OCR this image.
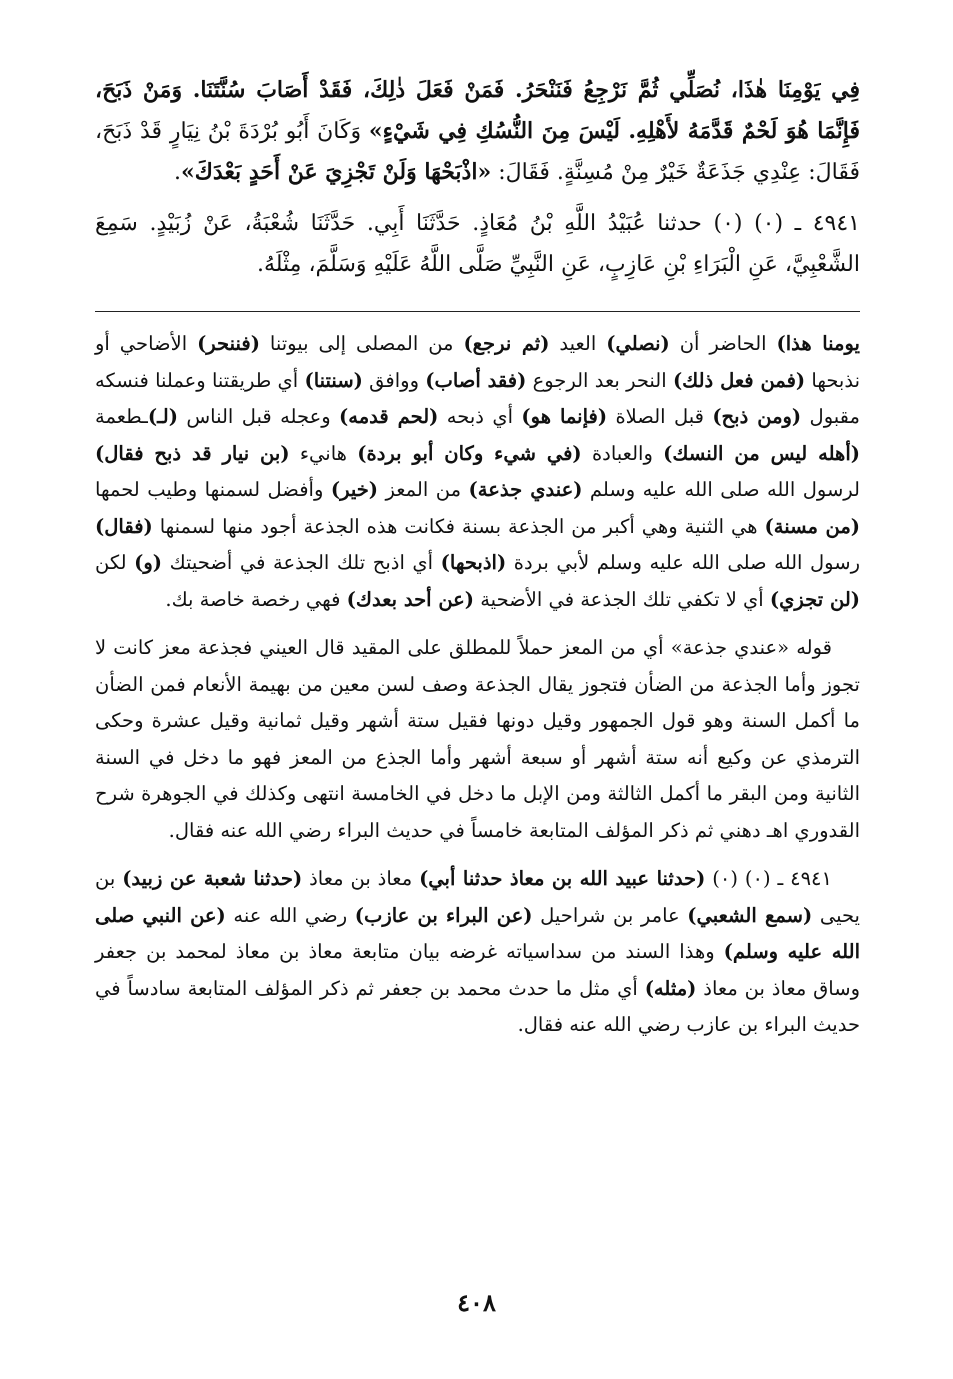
فِي يَوْمِنَا هٰذَا، نُصَلِّي ثُمَّ نَرْجِعُ فَنَنْحَرُ. فَمَنْ فَعَلَ ذٰلِكَ، فَقَدْ أَصَابَ سُنَّتَنَا. وَمَنْ ذَبَحَ، فَإِنَّمَا هُوَ لَحْمٌ قَدَّمَهُ لأَهْلِهِ. لَيْسَ مِنَ النُّسُكِ فِي شَيْءٍ» وَكَانَ أَبُو بُرْدَةَ بْنُ نِيَارٍ قَدْ ذَبَحَ، فَقَالَ: عِنْدِي جَذَعَةٌ خَيْرٌ مِنْ مُسِنَّةٍ. فَقَالَ: «اذْبَحْهَا وَلَنْ تَجْزِيَ عَنْ أَحَدٍ بَعْدَكَ».

٤٩٤١ ـ (٠) (٠) حدثنا عُبَيْدُ اللَّهِ بْنُ مُعَاذٍ. حَدَّثَنَا أَبِي. حَدَّثَنَا شُعْبَةُ، عَنْ زُبَيْدٍ. سَمِعَ الشَّعْبِيَّ، عَنِ الْبَرَاءِ بْنِ عَازِبٍ، عَنِ النَّبِيِّ صَلَّى اللَّهُ عَلَيْهِ وَسَلَّمَ، مِثْلَهُ.

يومنا هذا) الحاضر أن (نصلي) العيد (ثم نرجع) من المصلى إلى بيوتنا (فننحر) الأضاحي أو نذبحها (فمن فعل ذلك) النحر بعد الرجوع (فقد أصاب) ووافق (سنتنا) أي طريقتنا وعملنا فنسكه مقبول (ومن ذبح) قبل الصلاة (فإنما هو) أي ذبحه (لحم قدمه) وعجله قبل الناس (لـ)ـطعمة (أهله ليس من النسك) والعبادة (في شيء وكان أبو بردة) هانيء (بن نيار قد ذبح فقال) لرسول الله صلى الله عليه وسلم (عندي جذعة) من المعز (خير) وأفضل لسمنها وطيب لحمها (من مسنة) هي الثنية وهي أكبر من الجذعة بسنة فكانت هذه الجذعة أجود منها لسمنها (فقال) رسول الله صلى الله عليه وسلم لأبي بردة (اذبحها) أي اذبح تلك الجذعة في أضحيتك (و) لكن (لن تجزي) أي لا تكفي تلك الجذعة في الأضحية (عن أحد بعدك) فهي رخصة خاصة بك.

قوله «عندي جذعة» أي من المعز حملاً للمطلق على المقيد قال العيني فجذعة معز كانت لا تجوز وأما الجذعة من الضأن فتجوز يقال الجذعة وصف لسن معين من بهيمة الأنعام فمن الضأن ما أكمل السنة وهو قول الجمهور وقيل دونها فقيل ستة أشهر وقيل ثمانية وقيل عشرة وحكى الترمذي عن وكيع أنه ستة أشهر أو سبعة أشهر وأما الجذع من المعز فهو ما دخل في السنة الثانية ومن البقر ما أكمل الثالثة ومن الإبل ما دخل في الخامسة انتهى وكذلك في الجوهرة شرح القدوري اهـ دهني ثم ذكر المؤلف المتابعة خامساً في حديث البراء رضي الله عنه فقال.

٤٩٤١ ـ (٠) (٠) (حدثنا عبيد الله بن معاذ حدثنا أبي) معاذ بن معاذ (حدثنا شعبة عن زبيد) بن يحيى (سمع الشعبي) عامر بن شراحيل (عن البراء بن عازب) رضي الله عنه (عن النبي صلى الله عليه وسلم) وهذا السند من سداسياته غرضه بيان متابعة معاذ بن معاذ لمحمد بن جعفر وساق معاذ بن معاذ (مثله) أي مثل ما حدث محمد بن جعفر ثم ذكر المؤلف المتابعة سادساً في حديث البراء بن عازب رضي الله عنه فقال.

٤٠٨
